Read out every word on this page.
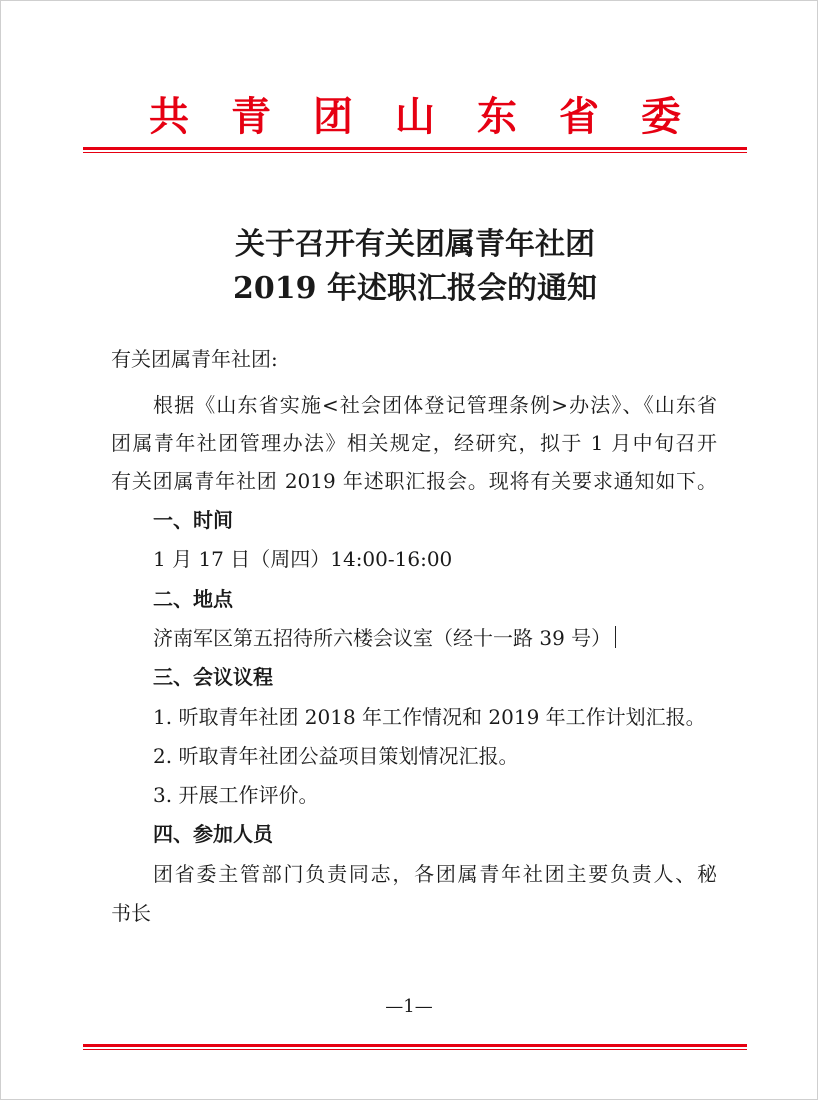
共青团山东省委
关于召开有关团属青年社团
2019 年述职汇报会的通知
有关团属青年社团:
根据《山东省实施<社会团体登记管理条例>办法》、《山东省
团属青年社团管理办法》相关规定，经研究，拟于 1 月中旬召开
有关团属青年社团 2019 年述职汇报会。现将有关要求通知如下。
一、时间
1 月 17 日（周四）14:00-16:00
二、地点
济南军区第五招待所六楼会议室（经十一路 39 号）
三、会议议程
1. 听取青年社团 2018 年工作情况和 2019 年工作计划汇报。
2. 听取青年社团公益项目策划情况汇报。
3. 开展工作评价。
四、参加人员
团省委主管部门负责同志，各团属青年社团主要负责人、秘
书长
—1—
